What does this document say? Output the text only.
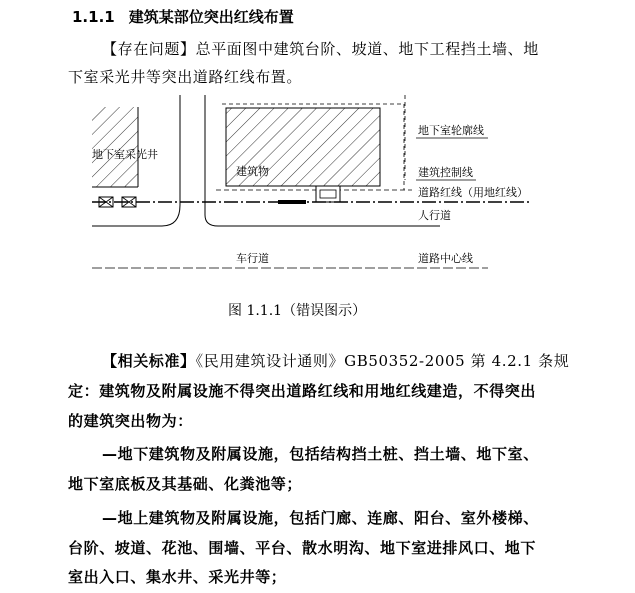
1.1.1 建筑某部位突出红线布置
【存在问题】总平面图中建筑台阶、坡道、地下工程挡土墙、地
下室采光井等突出道路红线布置。
地下室采光井
建筑物
地下室轮廓线
建筑控制线
道路红线（用地红线）
人行道
车行道	道路中心线
图 1.1.1（错误图示）
【相关标准】《民用建筑设计通则》GB50352-2005 第 4.2.1 条规
定：建筑物及附属设施不得突出道路红线和用地红线建造，不得突出
的建筑突出物为：
—地下建筑物及附属设施，包括结构挡土桩、挡土墙、地下室、
地下室底板及其基础、化粪池等；
—地上建筑物及附属设施，包括门廊、连廊、阳台、室外楼梯、
台阶、坡道、花池、围墙、平台、散水明沟、地下室进排风口、地下
室出入口、集水井、采光井等；
